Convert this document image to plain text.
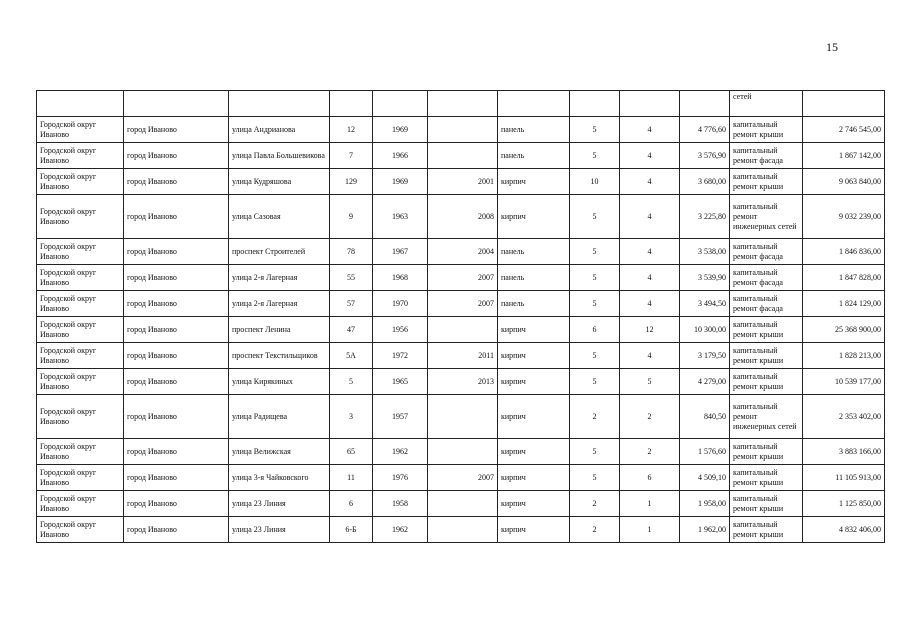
15
										сетей	
Городской округ Иваново	город Иваново	улица Андрианова	12	1969		панель	5	4	4 776,60	капитальный ремонт крыши	2 746 545,00
Городской округ Иваново	город Иваново	улица Павла Большевикова	7	1966		панель	5	4	3 576,90	капитальный ремонт фасада	1 867 142,00
Городской округ Иваново	город Иваново	улица Кудряшова	129	1969	2001	кирпич	10	4	3 680,00	капитальный ремонт крыши	9 063 840,00
Городской округ Иваново	город Иваново	улица Сазовая	9	1963	2008	кирпич	5	4	3 225,80	капитальный ремонт инженерных сетей	9 032 239,00
Городской округ Иваново	город Иваново	проспект Строителей	78	1967	2004	панель	5	4	3 538,00	капитальный ремонт фасада	1 846 836,00
Городской округ Иваново	город Иваново	улица 2-я Лагерная	55	1968	2007	панель	5	4	3 539,90	капитальный ремонт фасада	1 847 828,00
Городской округ Иваново	город Иваново	улица 2-я Лагерная	57	1970	2007	панель	5	4	3 494,50	капитальный ремонт фасада	1 824 129,00
Городской округ Иваново	город Иваново	проспект Ленина	47	1956		кирпич	6	12	10 300,00	капитальный ремонт крыши	25 368 900,00
Городской округ Иваново	город Иваново	проспект Текстильщиков	5А	1972	2011	кирпич	5	4	3 179,50	капитальный ремонт крыши	1 828 213,00
Городской округ Иваново	город Иваново	улица Кирякиных	5	1965	2013	кирпич	5	5	4 279,00	капитальный ремонт крыши	10 539 177,00
Городской округ Иваново	город Иваново	улица Радищева	3	1957		кирпич	2	2	840,50	капитальный ремонт инженерных сетей	2 353 402,00
Городской округ Иваново	город Иваново	улица Велижская	65	1962		кирпич	5	2	1 576,60	капитальный ремонт крыши	3 883 166,00
Городской округ Иваново	город Иваново	улица 3-я Чайковского	11	1976	2007	кирпич	5	6	4 509,10	капитальный ремонт крыши	11 105 913,00
Городской округ Иваново	город Иваново	улица 23 Линия	6	1958		кирпич	2	1	1 958,00	капитальный ремонт крыши	1 125 850,00
Городской округ Иваново	город Иваново	улица 23 Линия	6-Б	1962		кирпич	2	1	1 962,00	капитальный ремонт крыши	4 832 406,00
